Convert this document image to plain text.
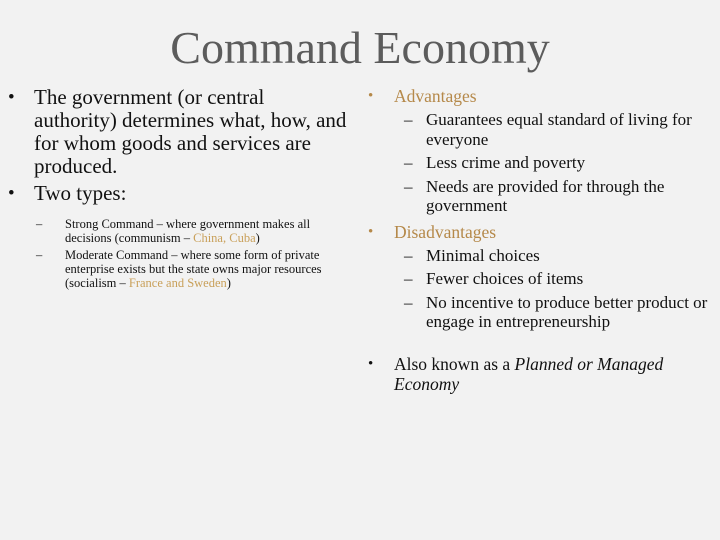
Command Economy
• The government (or central authority) determines what, how, and for whom goods and services are produced.
• Two types:
– Strong Command – where government makes all decisions (communism – China, Cuba)
– Moderate Command – where some form of private enterprise exists but the state owns major resources (socialism – France and Sweden)
• Advantages
– Guarantees equal standard of living for everyone
– Less crime and poverty
– Needs are provided for through the government
• Disadvantages
– Minimal choices
– Fewer choices of items
– No incentive to produce better product or engage in entrepreneurship
• Also known as a Planned or Managed Economy
